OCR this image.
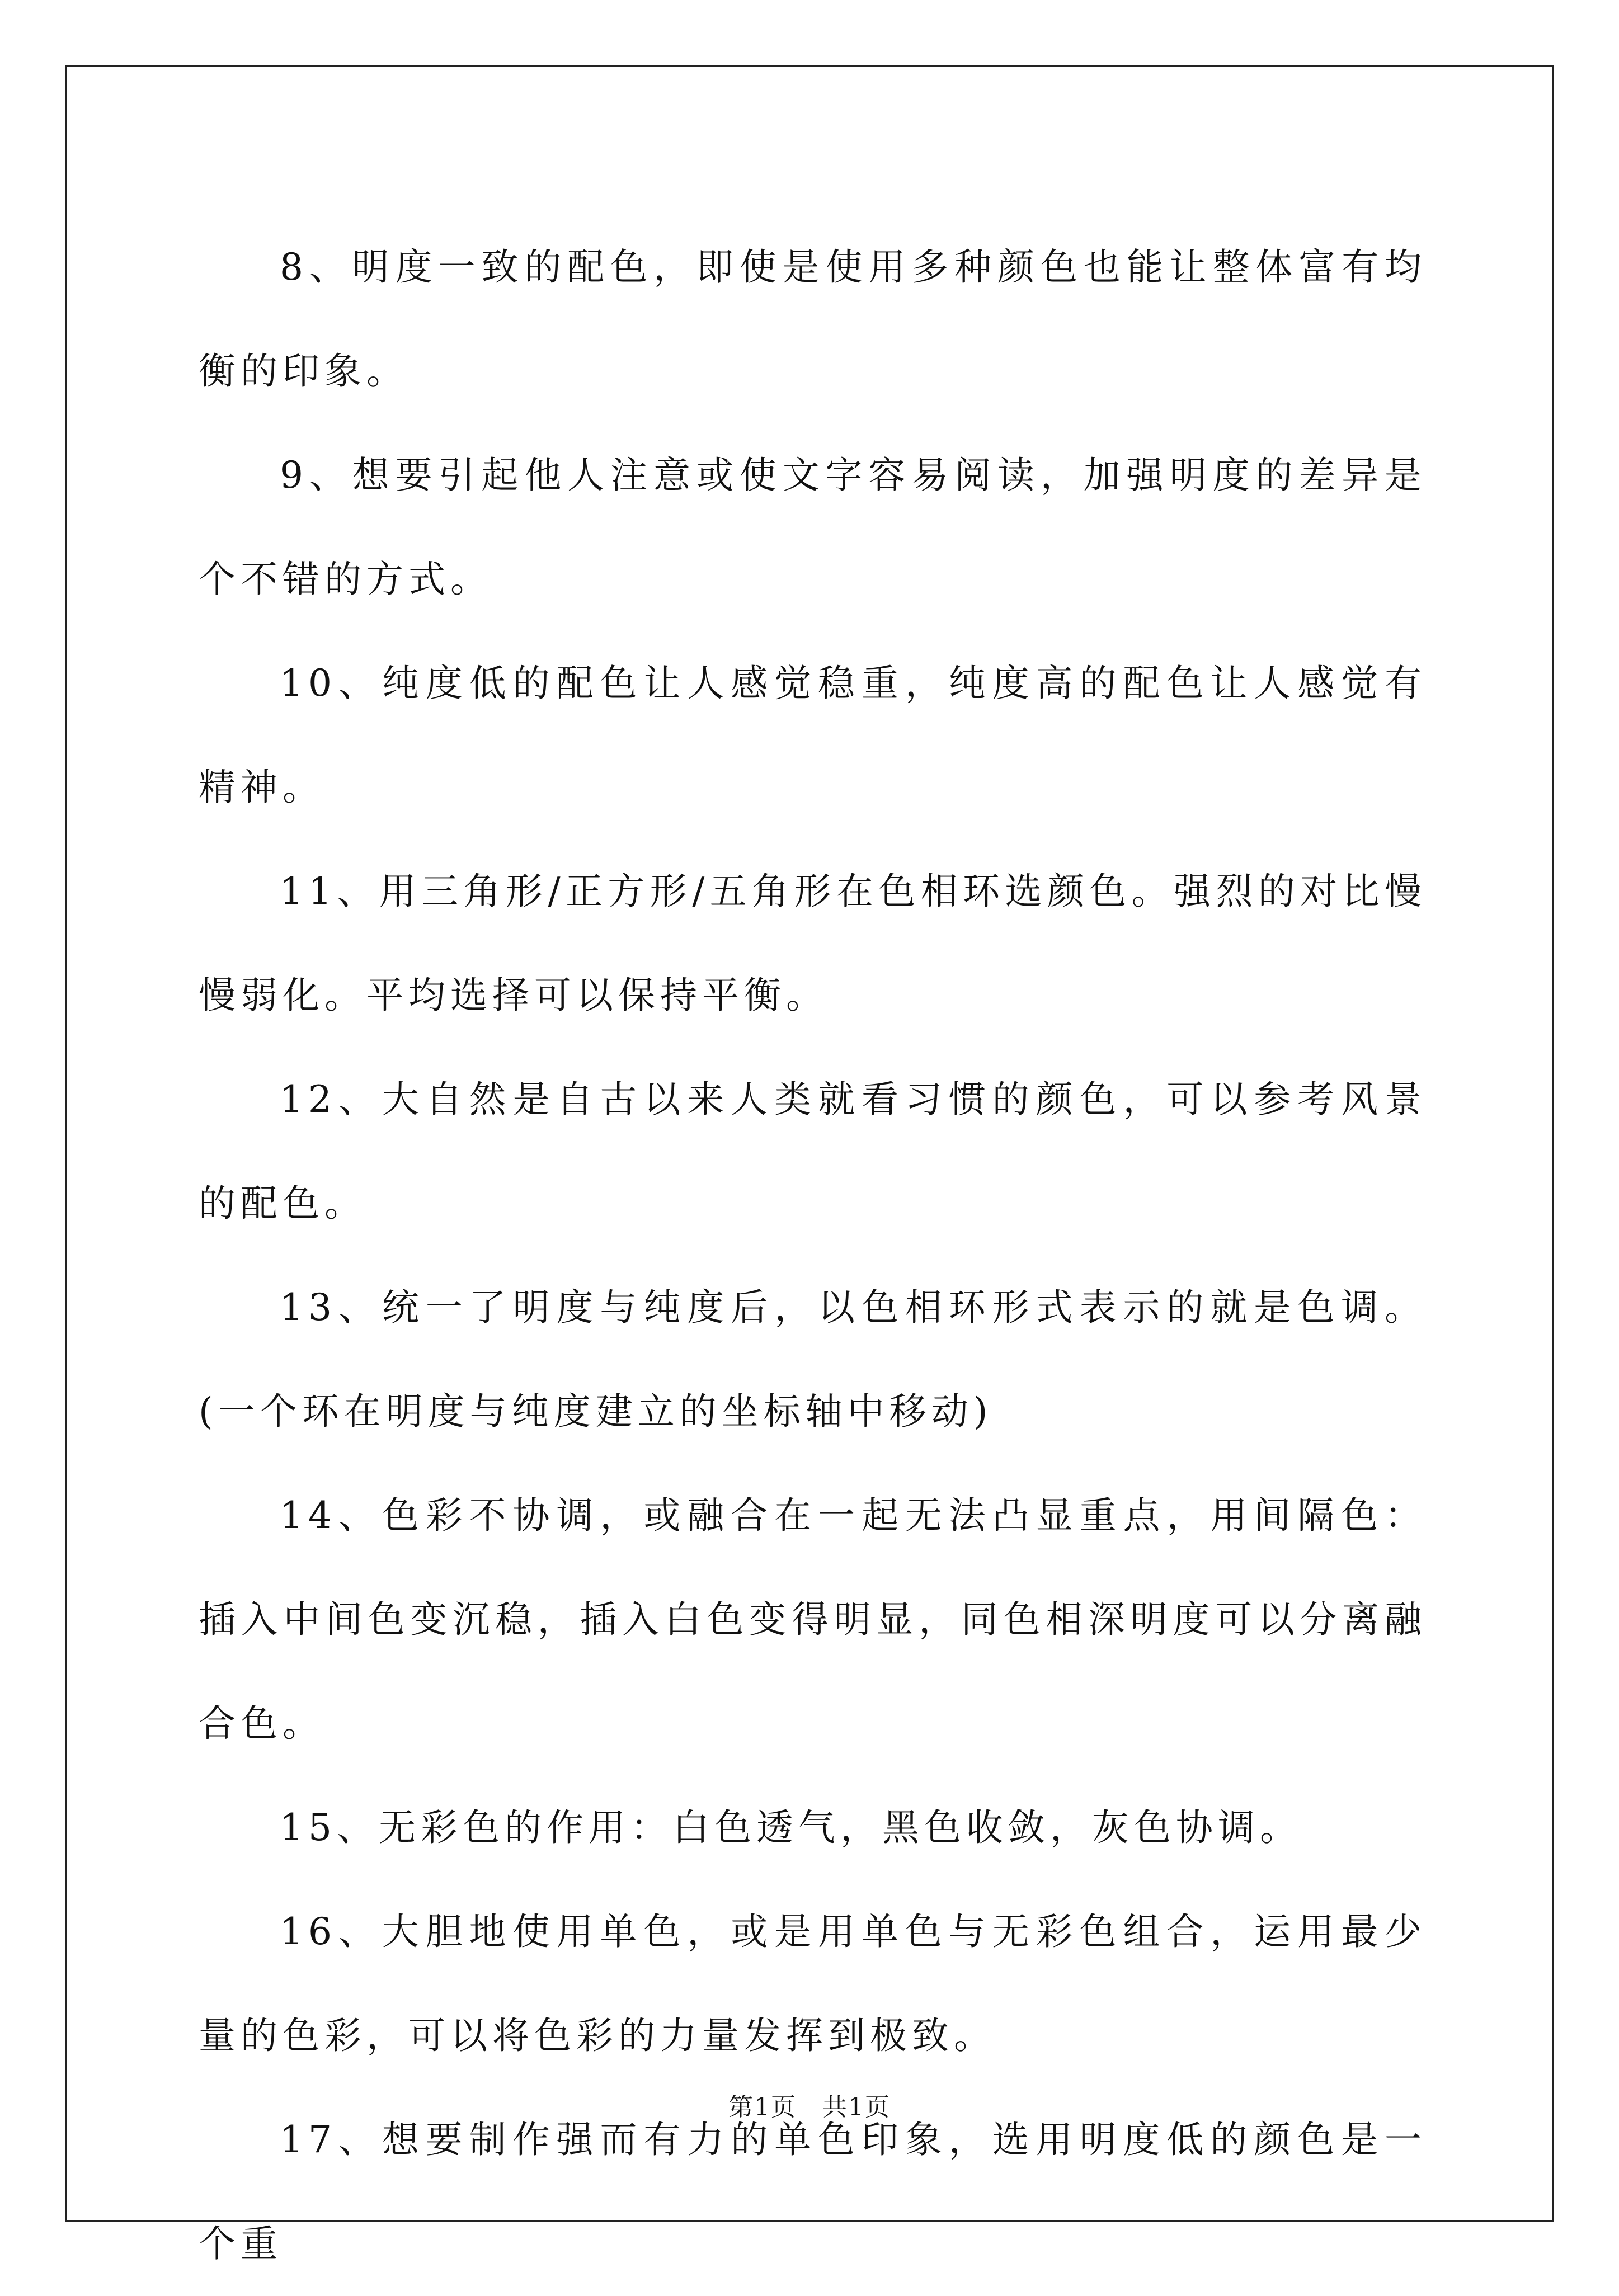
8、明度一致的配色，即使是使用多种颜色也能让整体富有均衡的印象。

9、想要引起他人注意或使文字容易阅读，加强明度的差异是个不错的方式。

10、纯度低的配色让人感觉稳重，纯度高的配色让人感觉有精神。

11、用三角形/正方形/五角形在色相环选颜色。强烈的对比慢慢弱化。平均选择可以保持平衡。

12、大自然是自古以来人类就看习惯的颜色，可以参考风景的配色。

13、统一了明度与纯度后，以色相环形式表示的就是色调。(一个环在明度与纯度建立的坐标轴中移动)

14、色彩不协调，或融合在一起无法凸显重点，用间隔色：插入中间色变沉稳，插入白色变得明显，同色相深明度可以分离融合色。

15、无彩色的作用：白色透气，黑色收敛，灰色协调。

16、大胆地使用单色，或是用单色与无彩色组合，运用最少量的色彩，可以将色彩的力量发挥到极致。

17、想要制作强而有力的单色印象，选用明度低的颜色是一个重

第1页　共1页
